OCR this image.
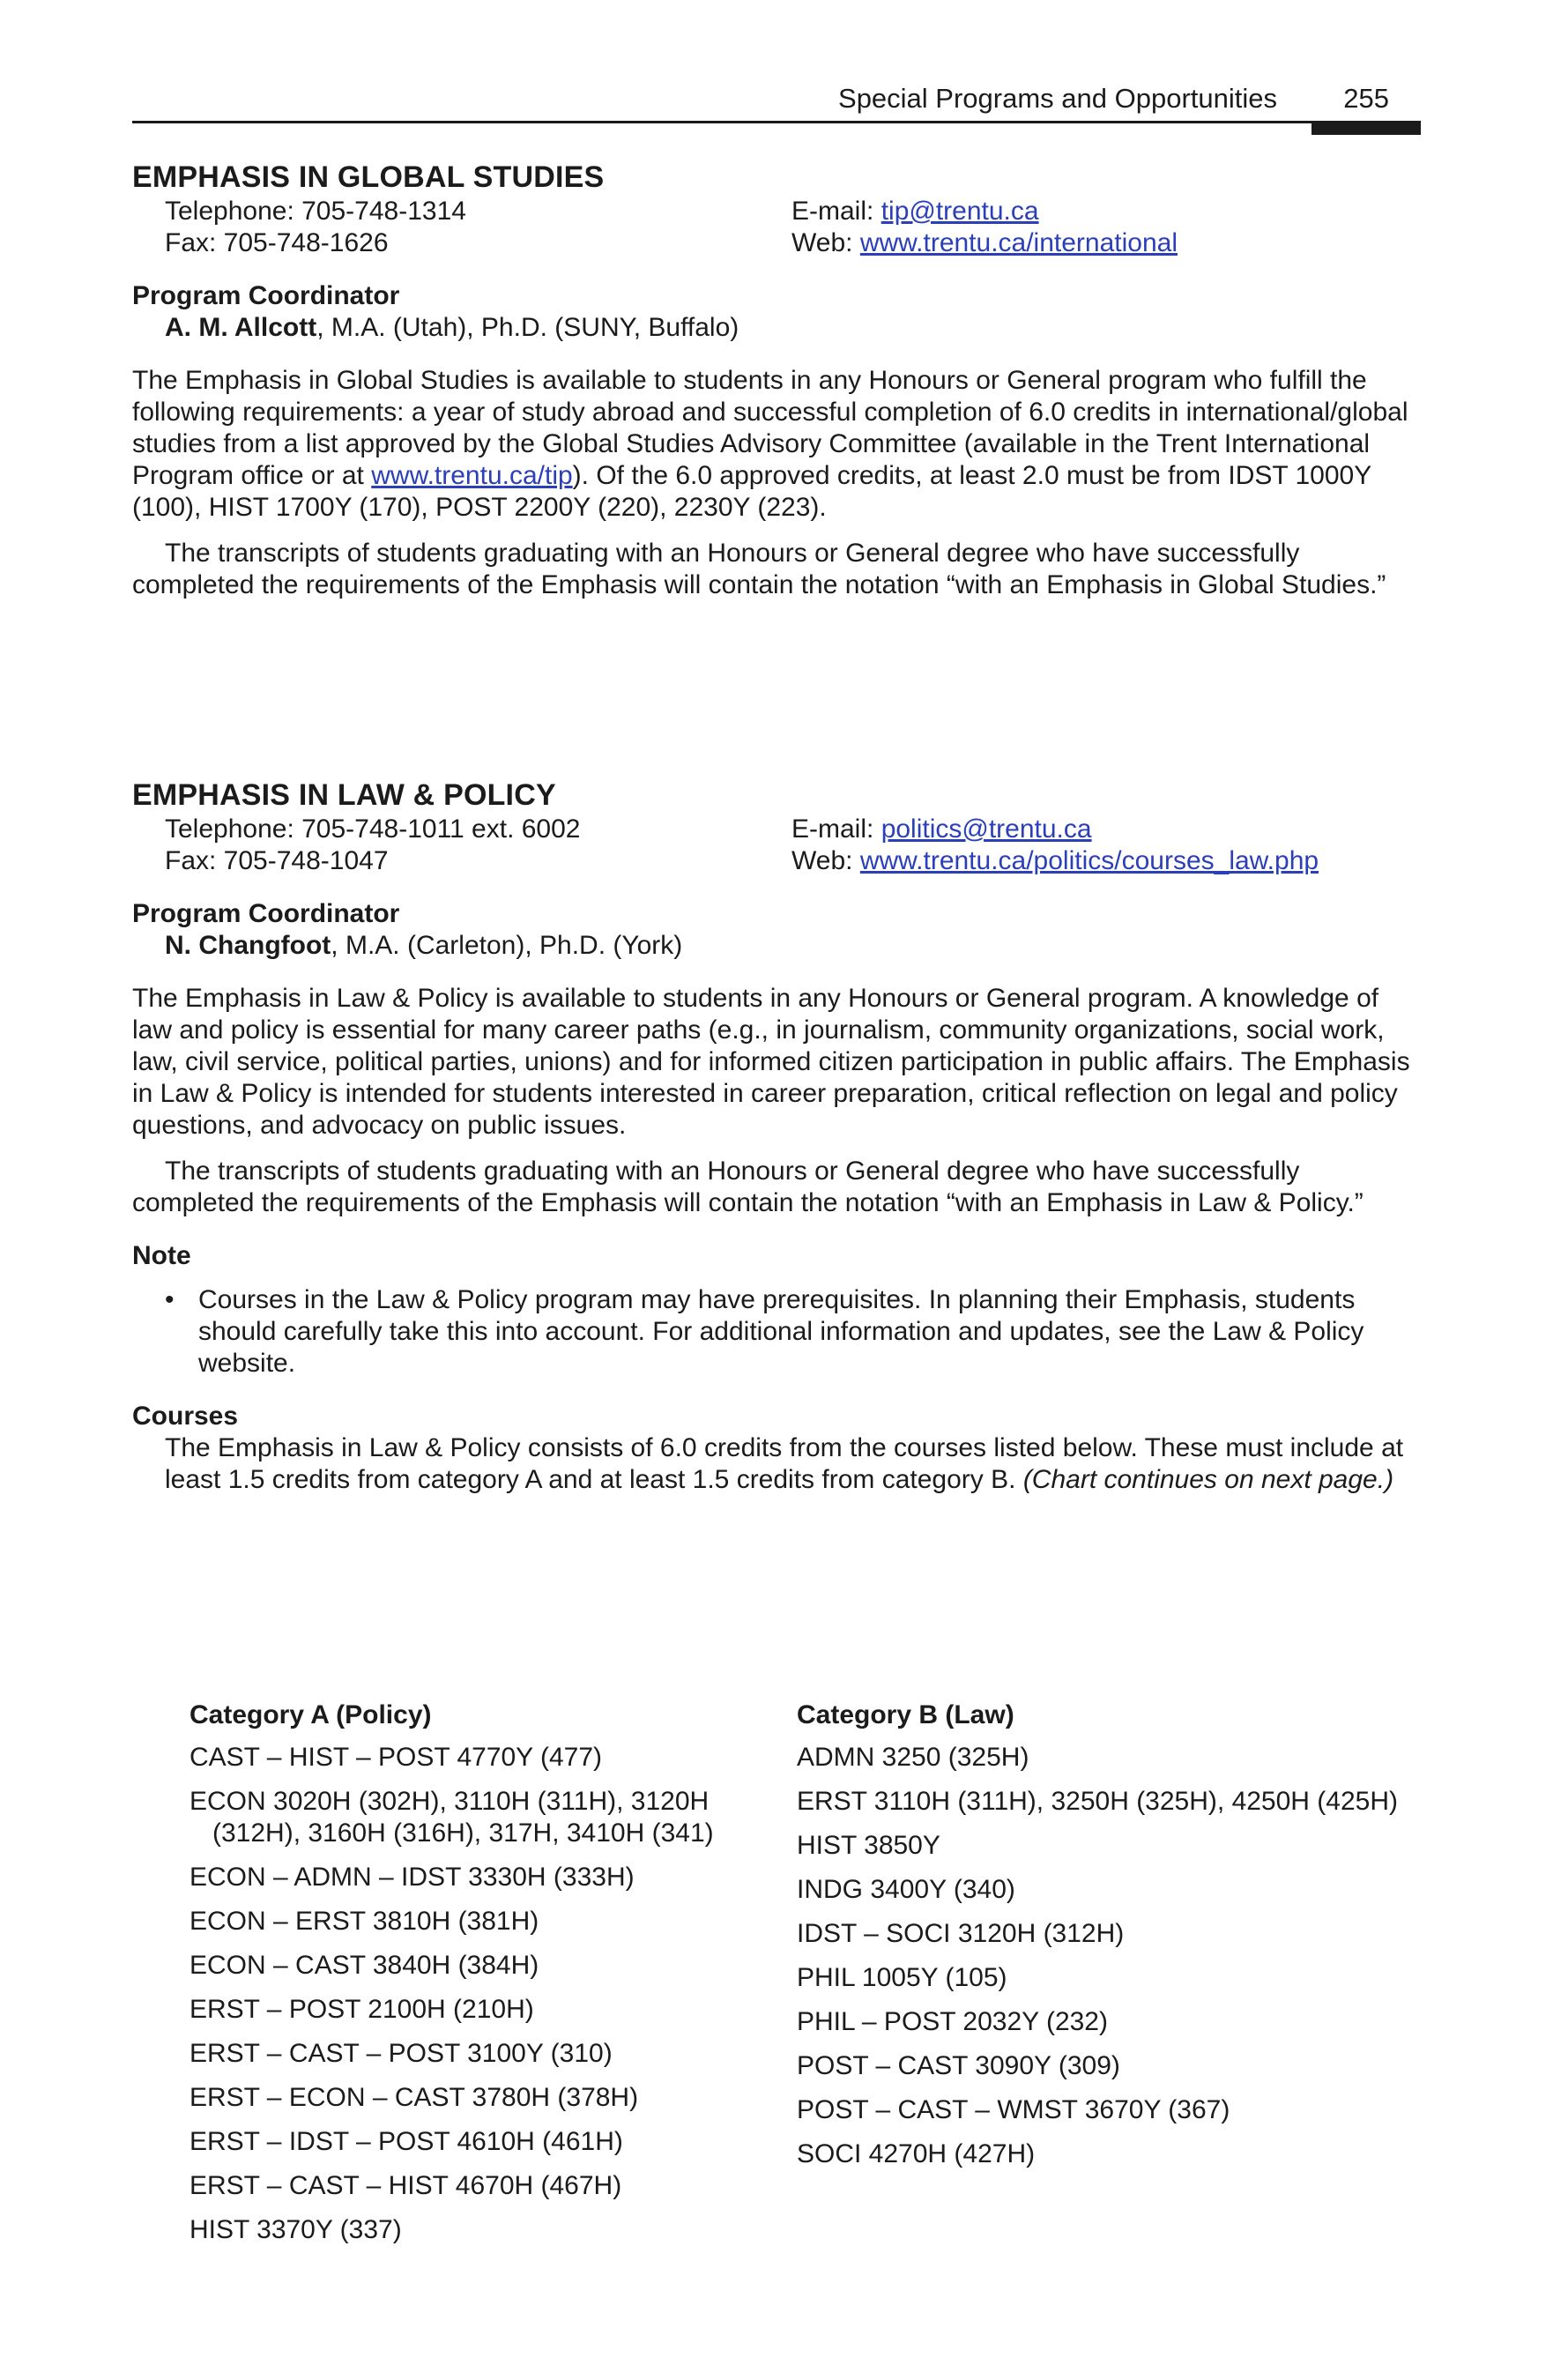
Special Programs and Opportunities 255
EMPHASIS IN GLOBAL STUDIES
Telephone: 705-748-1314	E-mail: tip@trentu.ca
Fax: 705-748-1626	Web: www.trentu.ca/international
Program Coordinator
A. M. Allcott, M.A. (Utah), Ph.D. (SUNY, Buffalo)

The Emphasis in Global Studies is available to students in any Honours or General program who fulfill the following requirements: a year of study abroad and successful completion of 6.0 credits in international/global studies from a list approved by the Global Studies Advisory Committee (available in the Trent International Program office or at www.trentu.ca/tip). Of the 6.0 approved credits, at least 2.0 must be from IDST 1000Y (100), HIST 1700Y (170), POST 2200Y (220), 2230Y (223).

The transcripts of students graduating with an Honours or General degree who have successfully completed the requirements of the Emphasis will contain the notation “with an Emphasis in Global Studies.”

EMPHASIS IN LAW & POLICY
Telephone: 705-748-1011 ext. 6002	E-mail: politics@trentu.ca
Fax: 705-748-1047	Web: www.trentu.ca/politics/courses_law.php
Program Coordinator
N. Changfoot, M.A. (Carleton), Ph.D. (York)

The Emphasis in Law & Policy is available to students in any Honours or General program. A knowledge of law and policy is essential for many career paths (e.g., in journalism, community organizations, social work, law, civil service, political parties, unions) and for informed citizen participation in public affairs. The Emphasis in Law & Policy is intended for students interested in career preparation, critical reflection on legal and policy questions, and advocacy on public issues.

The transcripts of students graduating with an Honours or General degree who have successfully completed the requirements of the Emphasis will contain the notation “with an Emphasis in Law & Policy.”

Note
• Courses in the Law & Policy program may have prerequisites. In planning their Emphasis, students should carefully take this into account. For additional information and updates, see the Law & Policy website.
Courses
The Emphasis in Law & Policy consists of 6.0 credits from the courses listed below. These must include at least 1.5 credits from category A and at least 1.5 credits from category B. (Chart continues on next page.)
Category A (Policy)
CAST – HIST – POST 4770Y (477)
ECON 3020H (302H), 3110H (311H), 3120H (312H), 3160H (316H), 317H, 3410H (341)
ECON – ADMN – IDST 3330H (333H)
ECON – ERST 3810H (381H)
ECON – CAST 3840H (384H)
ERST – POST 2100H (210H)
ERST – CAST – POST 3100Y (310)
ERST – ECON – CAST 3780H (378H)
ERST – IDST – POST 4610H (461H)
ERST – CAST – HIST 4670H (467H)
HIST 3370Y (337)
Category B (Law)
ADMN 3250 (325H)
ERST 3110H (311H), 3250H (325H), 4250H (425H)
HIST 3850Y
INDG 3400Y (340)
IDST – SOCI 3120H (312H)
PHIL 1005Y (105)
PHIL – POST 2032Y (232)
POST – CAST 3090Y (309)
POST – CAST – WMST 3670Y (367)
SOCI 4270H (427H)
